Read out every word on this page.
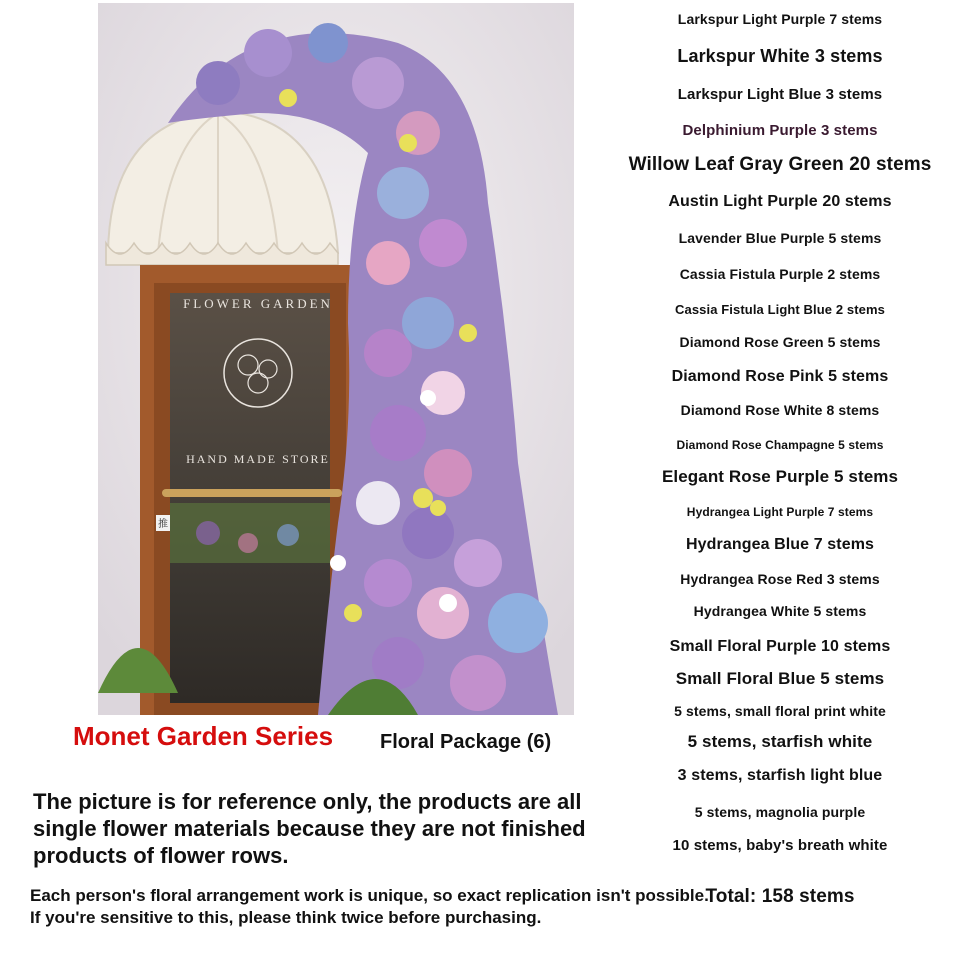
推
FLOWER GARDEN
HAND MADE STORE
Larkspur Light Purple 7 stems
Larkspur White 3 stems
Larkspur Light Blue 3 stems
Delphinium Purple 3 stems
Willow Leaf Gray Green 20 stems
Austin Light Purple 20 stems
Lavender Blue Purple 5 stems
Cassia Fistula Purple 2 stems
Cassia Fistula Light Blue 2 stems
Diamond Rose Green 5 stems
Diamond Rose Pink 5 stems
Diamond Rose White 8 stems
Diamond Rose Champagne 5 stems
Elegant Rose Purple 5 stems
Hydrangea Light Purple 7 stems
Hydrangea Blue 7 stems
Hydrangea Rose Red 3 stems
Hydrangea White 5 stems
Small Floral Purple 10 stems
Small Floral Blue 5 stems
5 stems, small floral print white
5 stems, starfish white
3 stems, starfish light blue
5 stems, magnolia purple
10 stems, baby's breath white
Total: 158 stems
Monet Garden Series Floral Package (6)
The picture is for reference only, the products are all single flower materials because they are not finished products of flower rows.
Each person's floral arrangement work is unique, so exact replication isn't possible. If you're sensitive to this, please think twice before purchasing.
